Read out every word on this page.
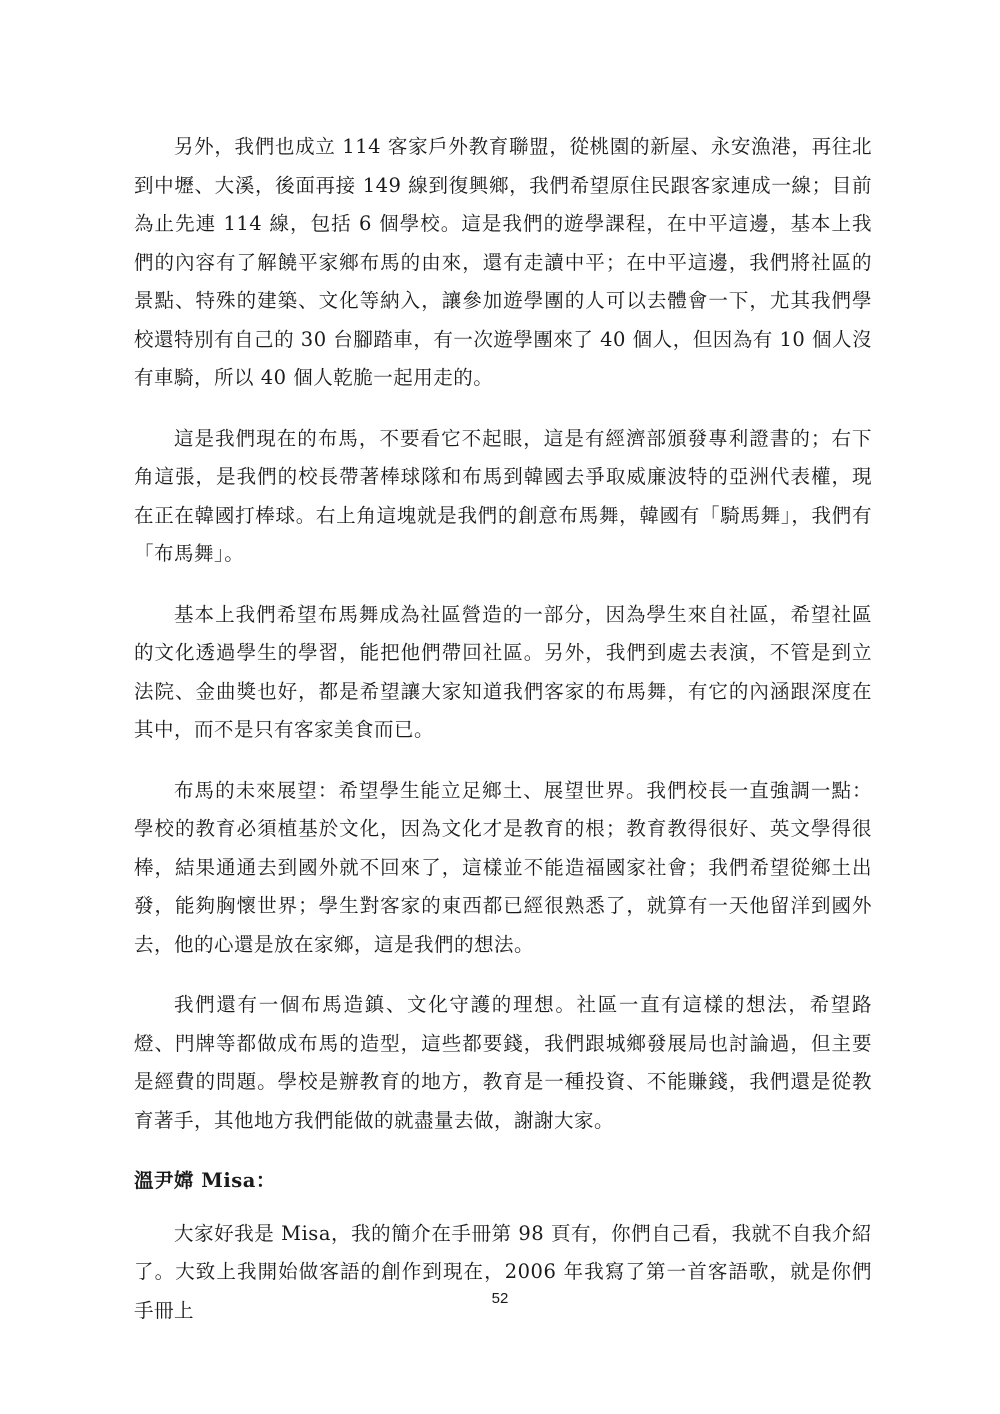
另外，我們也成立 114 客家戶外教育聯盟，從桃園的新屋、永安漁港，再往北到中壢、大溪，後面再接 149 線到復興鄉，我們希望原住民跟客家連成一線；目前為止先連 114 線，包括 6 個學校。這是我們的遊學課程，在中平這邊，基本上我們的內容有了解饒平家鄉布馬的由來，還有走讀中平；在中平這邊，我們將社區的景點、特殊的建築、文化等納入，讓參加遊學團的人可以去體會一下，尤其我們學校還特別有自己的 30 台腳踏車，有一次遊學團來了 40 個人，但因為有 10 個人沒有車騎，所以 40 個人乾脆一起用走的。

這是我們現在的布馬，不要看它不起眼，這是有經濟部頒發專利證書的；右下角這張，是我們的校長帶著棒球隊和布馬到韓國去爭取威廉波特的亞洲代表權，現在正在韓國打棒球。右上角這塊就是我們的創意布馬舞，韓國有「騎馬舞」，我們有「布馬舞」。

基本上我們希望布馬舞成為社區營造的一部分，因為學生來自社區，希望社區的文化透過學生的學習，能把他們帶回社區。另外，我們到處去表演，不管是到立法院、金曲獎也好，都是希望讓大家知道我們客家的布馬舞，有它的內涵跟深度在其中，而不是只有客家美食而已。

布馬的未來展望：希望學生能立足鄉土、展望世界。我們校長一直強調一點：學校的教育必須植基於文化，因為文化才是教育的根；教育教得很好、英文學得很棒，結果通通去到國外就不回來了，這樣並不能造福國家社會；我們希望從鄉土出發，能夠胸懷世界；學生對客家的東西都已經很熟悉了，就算有一天他留洋到國外去，他的心還是放在家鄉，這是我們的想法。

我們還有一個布馬造鎮、文化守護的理想。社區一直有這樣的想法，希望路燈、門牌等都做成布馬的造型，這些都要錢，我們跟城鄉發展局也討論過，但主要是經費的問題。學校是辦教育的地方，教育是一種投資、不能賺錢，我們還是從教育著手，其他地方我們能做的就盡量去做，謝謝大家。

溫尹嫦 Misa：

大家好我是 Misa，我的簡介在手冊第 98 頁有，你們自己看，我就不自我介紹了。大致上我開始做客語的創作到現在，2006 年我寫了第一首客語歌，就是你們手冊上	52
